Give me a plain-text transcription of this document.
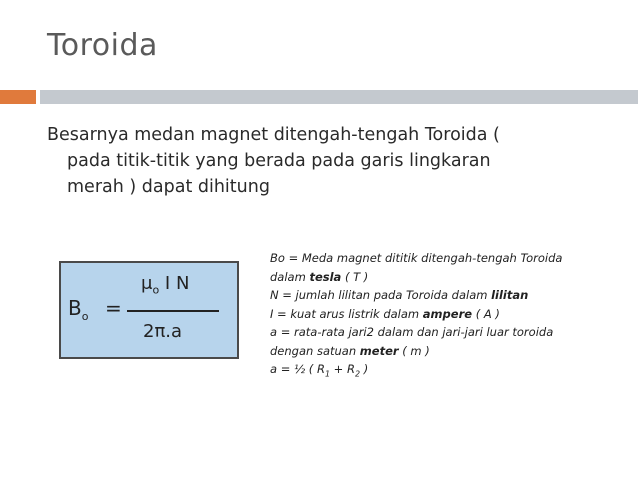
Toroida
Besarnya medan magnet ditengah-tengah Toroida (
pada titik-titik yang berada pada garis lingkaran
merah ) dapat dihitung
$B_o$ =
$\mu_o$ I N
2π.a
Bo = Meda magnet dititik ditengah-tengah Toroida
dalam tesla ( T )
N = jumlah lilitan pada Toroida dalam lilitan
I = kuat arus listrik dalam ampere ( A )
a = rata-rata jari2 dalam dan jari-jari luar toroida
dengan satuan meter ( m )
a = ½ ( $R_1 + R_2$ )
